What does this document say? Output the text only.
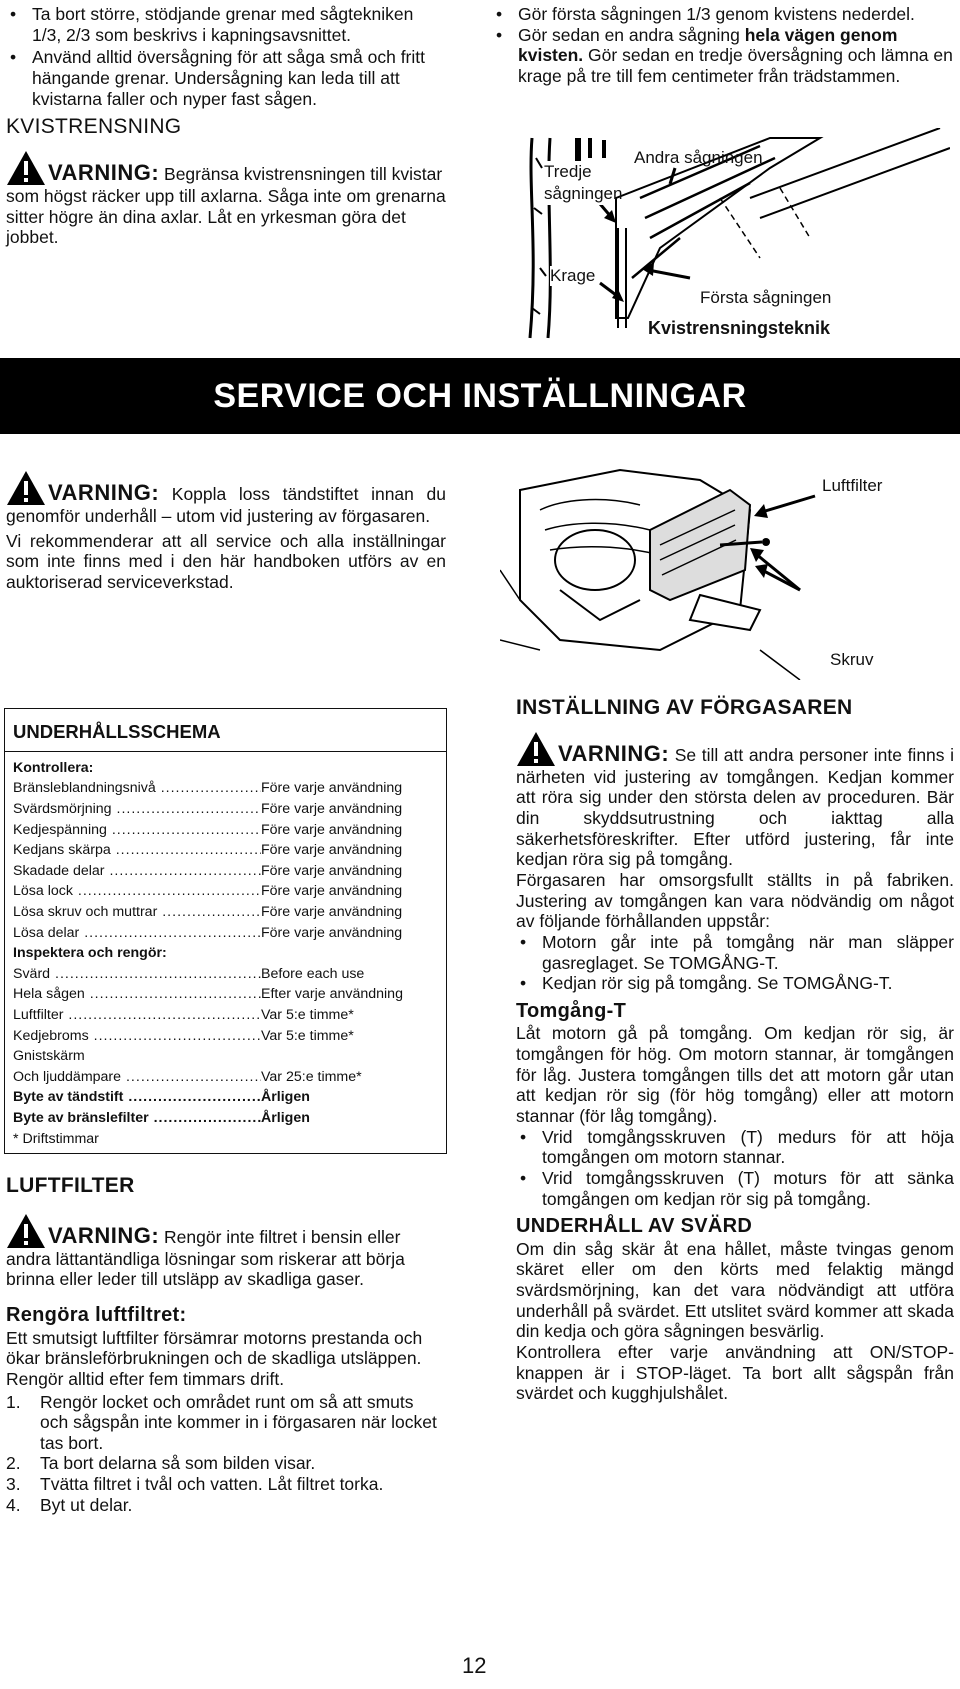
• Ta bort större, stödjande grenar med sågtekniken 1/3, 2/3 som beskrivs i kapningsavsnittet.

• Använd alltid översågning för att såga små och fritt hängande grenar. Undersågning kan leda till att kvistarna faller och nyper fast sågen.

KVISTRENSNING

VARNING: Begränsa kvistrensningen till kvistar som högst räcker upp till axlarna. Såga inte om grenarna sitter högre än dina axlar. Låt en yrkesman göra det jobbet.

• Gör första sågningen 1/3 genom kvistens nederdel.

• Gör sedan en andra sågning hela vägen genom kvisten. Gör sedan en tredje översågning och lämna en krage på tre till fem centimeter från trädstammen.

Tredje sågningen
Andra sågningen
Krage
Första sågningen
Kvistrensningsteknik
SERVICE OCH INSTÄLLNINGAR

VARNING: Koppla loss tändstiftet innan du genomför underhåll – utom vid justering av förgasaren.

Vi rekommenderar att all service och alla inställningar som inte finns med i den här handboken utförs av en auktoriserad serviceverkstad.

Luftfilter
Skruv
UNDERHÅLLSSCHEMA
Kontrollera:
Bränsleblandningsnivå .....	Före varje användning
Svärdsmörjning .....	Före varje användning
Kedjespänning .....	Före varje användning
Kedjans skärpa .....	Före varje användning
Skadade delar .....	Före varje användning
Lösa lock .....	Före varje användning
Lösa skruv och muttrar .....	Före varje användning
Lösa delar .....	Före varje användning
Inspektera och rengör:
Svärd .....	Before each use
Hela sågen .....	Efter varje användning
Luftfilter .....	Var 5:e timme*
Kedjebroms .....	Var 5:e timme*
Gnistskärm
Och ljuddämpare .....	Var 25:e timme*
Byte av tändstift .....	Årligen
Byte av bränslefilter .....	Årligen
* Driftstimmar
LUFTFILTER

VARNING: Rengör inte filtret i bensin eller andra lättantändliga lösningar som riskerar att börja brinna eller leder till utsläpp av skadliga gaser.

Rengöra luftfiltret:

Ett smutsigt luftfilter försämrar motorns prestanda och ökar bränsleförbrukningen och de skadliga utsläppen. Rengör alltid efter fem timmars drift.

1. Rengör locket och området runt om så att smuts och sågspån inte kommer in i förgasaren när locket tas bort.

2. Ta bort delarna så som bilden visar.

3. Tvätta filtret i tvål och vatten. Låt filtret torka.

4. Byt ut delar.

INSTÄLLNING AV FÖRGASAREN

VARNING: Se till att andra personer inte finns i närheten vid justering av tomgången. Kedjan kommer att röra sig under den största delen av proceduren. Bär din skyddsutrustning och iakttag alla säkerhetsföreskrifter. Efter utförd justering, får inte kedjan röra sig på tomgång.

Förgasaren har omsorgsfullt ställts in på fabriken. Justering av tomgången kan vara nödvändig om något av följande förhållanden uppstår:

• Motorn går inte på tomgång när man släpper gasreglaget. Se TOMGÅNG-T.

• Kedjan rör sig på tomgång. Se TOMGÅNG-T.

Tomgång-T

Låt motorn gå på tomgång. Om kedjan rör sig, är tomgången för hög. Om motorn stannar, är tomgången för låg. Justera tomgången tills det att motorn går utan att kedjan rör sig (för hög tomgång) eller att motorn stannar (för låg tomgång).

• Vrid tomgångsskruven (T) medurs för att höja tomgången om motorn stannar.

• Vrid tomgångsskruven (T) moturs för att sänka tomgången om kedjan rör sig på tomgång.

UNDERHÅLL AV SVÄRD

Om din såg skär åt ena hållet, måste tvingas genom skäret eller om den körts med felaktig mängd svärdsmörjning, kan det vara nödvändigt att utföra underhåll på svärdet. Ett utslitet svärd kommer att skada din kedja och göra sågningen besvärlig.

Kontrollera efter varje användning att ON/STOP-knappen är i STOP-läget. Ta bort allt sågspån från svärdet och kugghjulshålet.

12
